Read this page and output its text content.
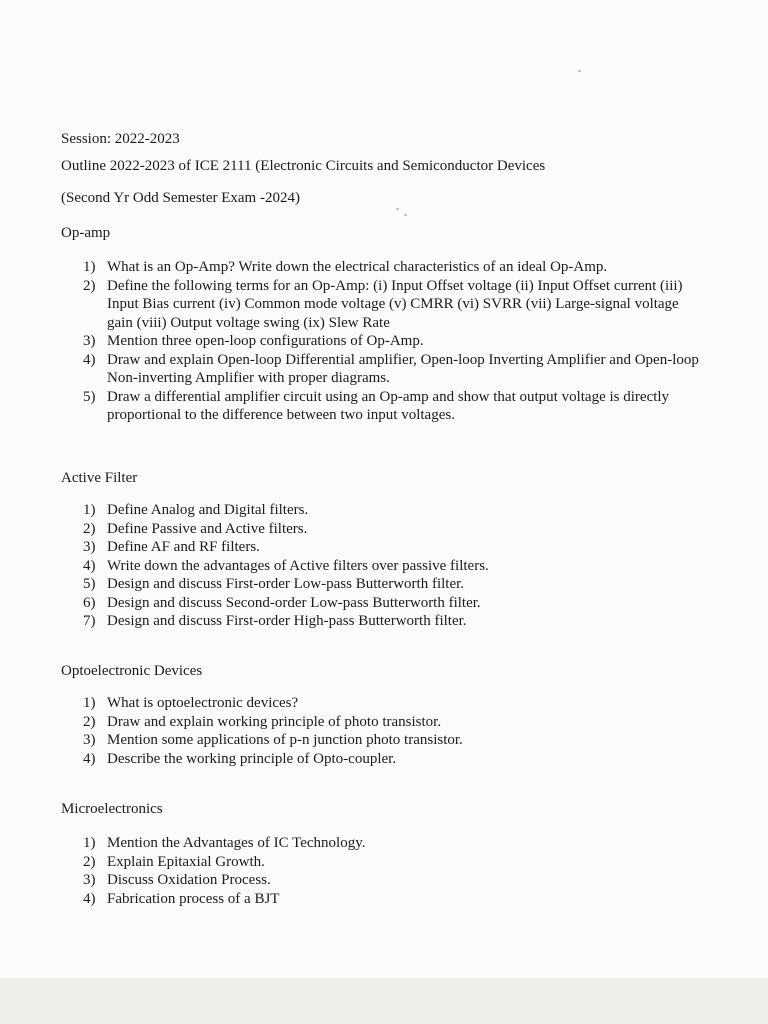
Session: 2022-2023
Outline 2022-2023 of ICE 2111 (Electronic Circuits and Semiconductor Devices
(Second Yr Odd Semester Exam -2024)
Op-amp
1) What is an Op-Amp? Write down the electrical characteristics of an ideal Op-Amp.
2) Define the following terms for an Op-Amp: (i) Input Offset voltage (ii) Input Offset current (iii) Input Bias current (iv) Common mode voltage (v) CMRR (vi) SVRR (vii) Large-signal voltage gain (viii) Output voltage swing (ix) Slew Rate
3) Mention three open-loop configurations of Op-Amp.
4) Draw and explain Open-loop Differential amplifier, Open-loop Inverting Amplifier and Open-loop Non-inverting Amplifier with proper diagrams.
5) Draw a differential amplifier circuit using an Op-amp and show that output voltage is directly proportional to the difference between two input voltages.
Active Filter
1) Define Analog and Digital filters.
2) Define Passive and Active filters.
3) Define AF and RF filters.
4) Write down the advantages of Active filters over passive filters.
5) Design and discuss First-order Low-pass Butterworth filter.
6) Design and discuss Second-order Low-pass Butterworth filter.
7) Design and discuss First-order High-pass Butterworth filter.
Optoelectronic Devices
1) What is optoelectronic devices?
2) Draw and explain working principle of photo transistor.
3) Mention some applications of p-n junction photo transistor.
4) Describe the working principle of Opto-coupler.
Microelectronics
1) Mention the Advantages of IC Technology.
2) Explain Epitaxial Growth.
3) Discuss Oxidation Process.
4) Fabrication process of a BJT
